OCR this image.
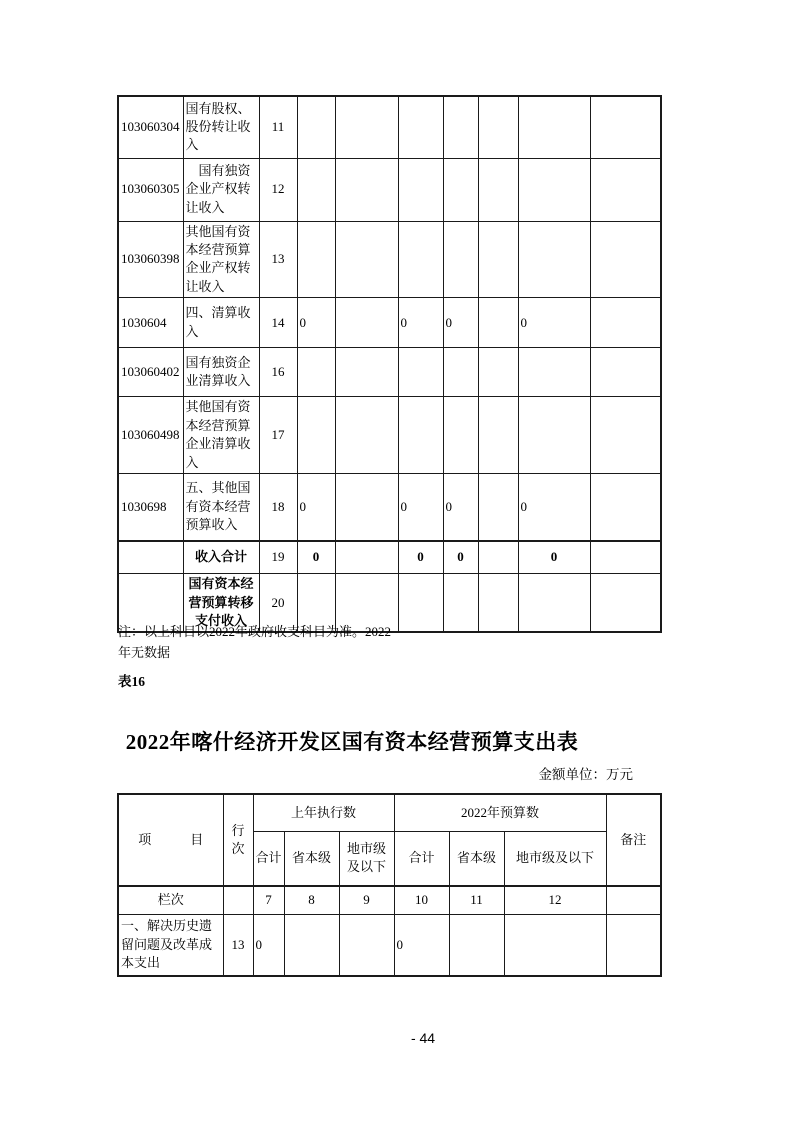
103060304	国有股权、股份转让收入	11							
103060305	　国有独资企业产权转让收入	12							
103060398	其他国有资本经营预算企业产权转让收入	13							
1030604	四、清算收入	14	0		0	0		0	
103060402	国有独资企业清算收入	16							
103060498	其他国有资本经营预算企业清算收入	17							
1030698	五、其他国有资本经营预算收入	18	0		0	0		0	
	收入合计	19	0		0	0		0	
	国有资本经营预算转移支付收入	20							
注：以上科目以2022年政府收支科目为准。2022
年无数据
表16
2022年喀什经济开发区国有资本经营预算支出表
金额单位：万元
项　　　目	行次	上年执行数			2022年预算数			备注
		合计	省本级	地市级及以下	合计	省本级	地市级及以下	
栏次		7	8	9	10	11	12	
一、解决历史遗留问题及改革成本支出	13	0			0			
- 44
